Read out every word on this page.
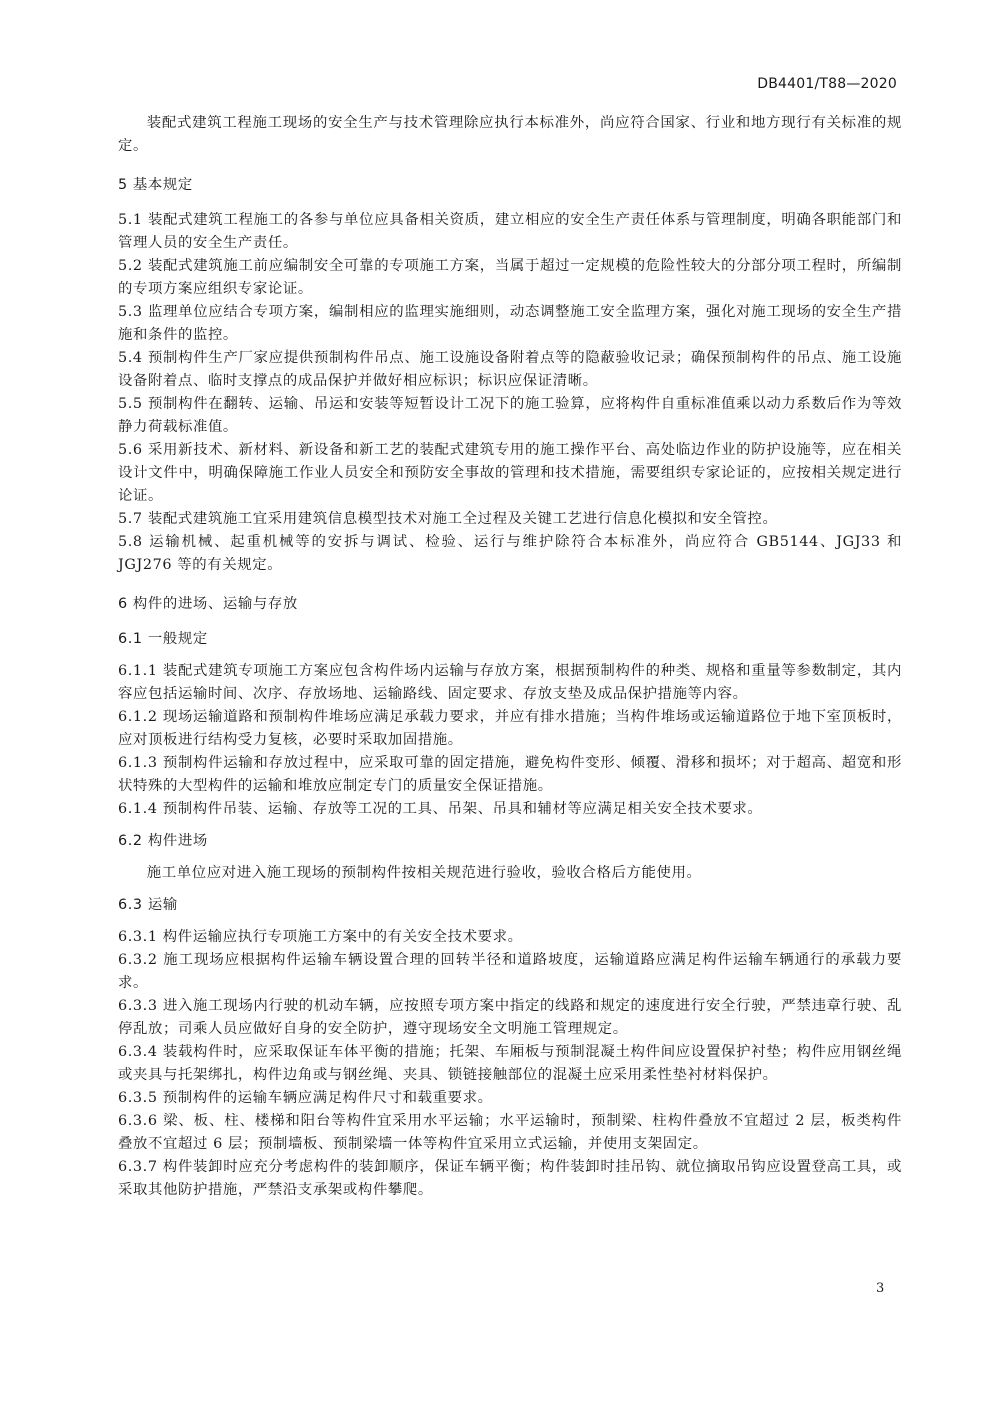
DB4401/T88—2020

装配式建筑工程施工现场的安全生产与技术管理除应执行本标准外，尚应符合国家、行业和地方现行有关标准的规定。

5 基本规定

5.1 装配式建筑工程施工的各参与单位应具备相关资质，建立相应的安全生产责任体系与管理制度，明确各职能部门和管理人员的安全生产责任。

5.2 装配式建筑施工前应编制安全可靠的专项施工方案，当属于超过一定规模的危险性较大的分部分项工程时，所编制的专项方案应组织专家论证。

5.3 监理单位应结合专项方案，编制相应的监理实施细则，动态调整施工安全监理方案，强化对施工现场的安全生产措施和条件的监控。

5.4 预制构件生产厂家应提供预制构件吊点、施工设施设备附着点等的隐蔽验收记录；确保预制构件的吊点、施工设施设备附着点、临时支撑点的成品保护并做好相应标识；标识应保证清晰。

5.5 预制构件在翻转、运输、吊运和安装等短暂设计工况下的施工验算，应将构件自重标准值乘以动力系数后作为等效静力荷载标准值。

5.6 采用新技术、新材料、新设备和新工艺的装配式建筑专用的施工操作平台、高处临边作业的防护设施等，应在相关设计文件中，明确保障施工作业人员安全和预防安全事故的管理和技术措施，需要组织专家论证的，应按相关规定进行论证。

5.7 装配式建筑施工宜采用建筑信息模型技术对施工全过程及关键工艺进行信息化模拟和安全管控。

5.8 运输机械、起重机械等的安拆与调试、检验、运行与维护除符合本标准外，尚应符合 GB5144、JGJ33 和 JGJ276 等的有关规定。

6 构件的进场、运输与存放

6.1 一般规定

6.1.1 装配式建筑专项施工方案应包含构件场内运输与存放方案，根据预制构件的种类、规格和重量等参数制定，其内容应包括运输时间、次序、存放场地、运输路线、固定要求、存放支垫及成品保护措施等内容。

6.1.2 现场运输道路和预制构件堆场应满足承载力要求，并应有排水措施；当构件堆场或运输道路位于地下室顶板时，应对顶板进行结构受力复核，必要时采取加固措施。

6.1.3 预制构件运输和存放过程中，应采取可靠的固定措施，避免构件变形、倾覆、滑移和损坏；对于超高、超宽和形状特殊的大型构件的运输和堆放应制定专门的质量安全保证措施。

6.1.4 预制构件吊装、运输、存放等工况的工具、吊架、吊具和辅材等应满足相关安全技术要求。

6.2 构件进场

施工单位应对进入施工现场的预制构件按相关规范进行验收，验收合格后方能使用。

6.3 运输

6.3.1 构件运输应执行专项施工方案中的有关安全技术要求。

6.3.2 施工现场应根据构件运输车辆设置合理的回转半径和道路坡度，运输道路应满足构件运输车辆通行的承载力要求。

6.3.3 进入施工现场内行驶的机动车辆，应按照专项方案中指定的线路和规定的速度进行安全行驶，严禁违章行驶、乱停乱放；司乘人员应做好自身的安全防护，遵守现场安全文明施工管理规定。

6.3.4 装载构件时，应采取保证车体平衡的措施；托架、车厢板与预制混凝土构件间应设置保护衬垫；构件应用钢丝绳或夹具与托架绑扎，构件边角或与钢丝绳、夹具、锁链接触部位的混凝土应采用柔性垫衬材料保护。

6.3.5 预制构件的运输车辆应满足构件尺寸和载重要求。

6.3.6 梁、板、柱、楼梯和阳台等构件宜采用水平运输；水平运输时，预制梁、柱构件叠放不宜超过 2 层，板类构件叠放不宜超过 6 层；预制墙板、预制梁墙一体等构件宜采用立式运输，并使用支架固定。

6.3.7 构件装卸时应充分考虑构件的装卸顺序，保证车辆平衡；构件装卸时挂吊钩、就位摘取吊钩应设置登高工具，或采取其他防护措施，严禁沿支承架或构件攀爬。

3
